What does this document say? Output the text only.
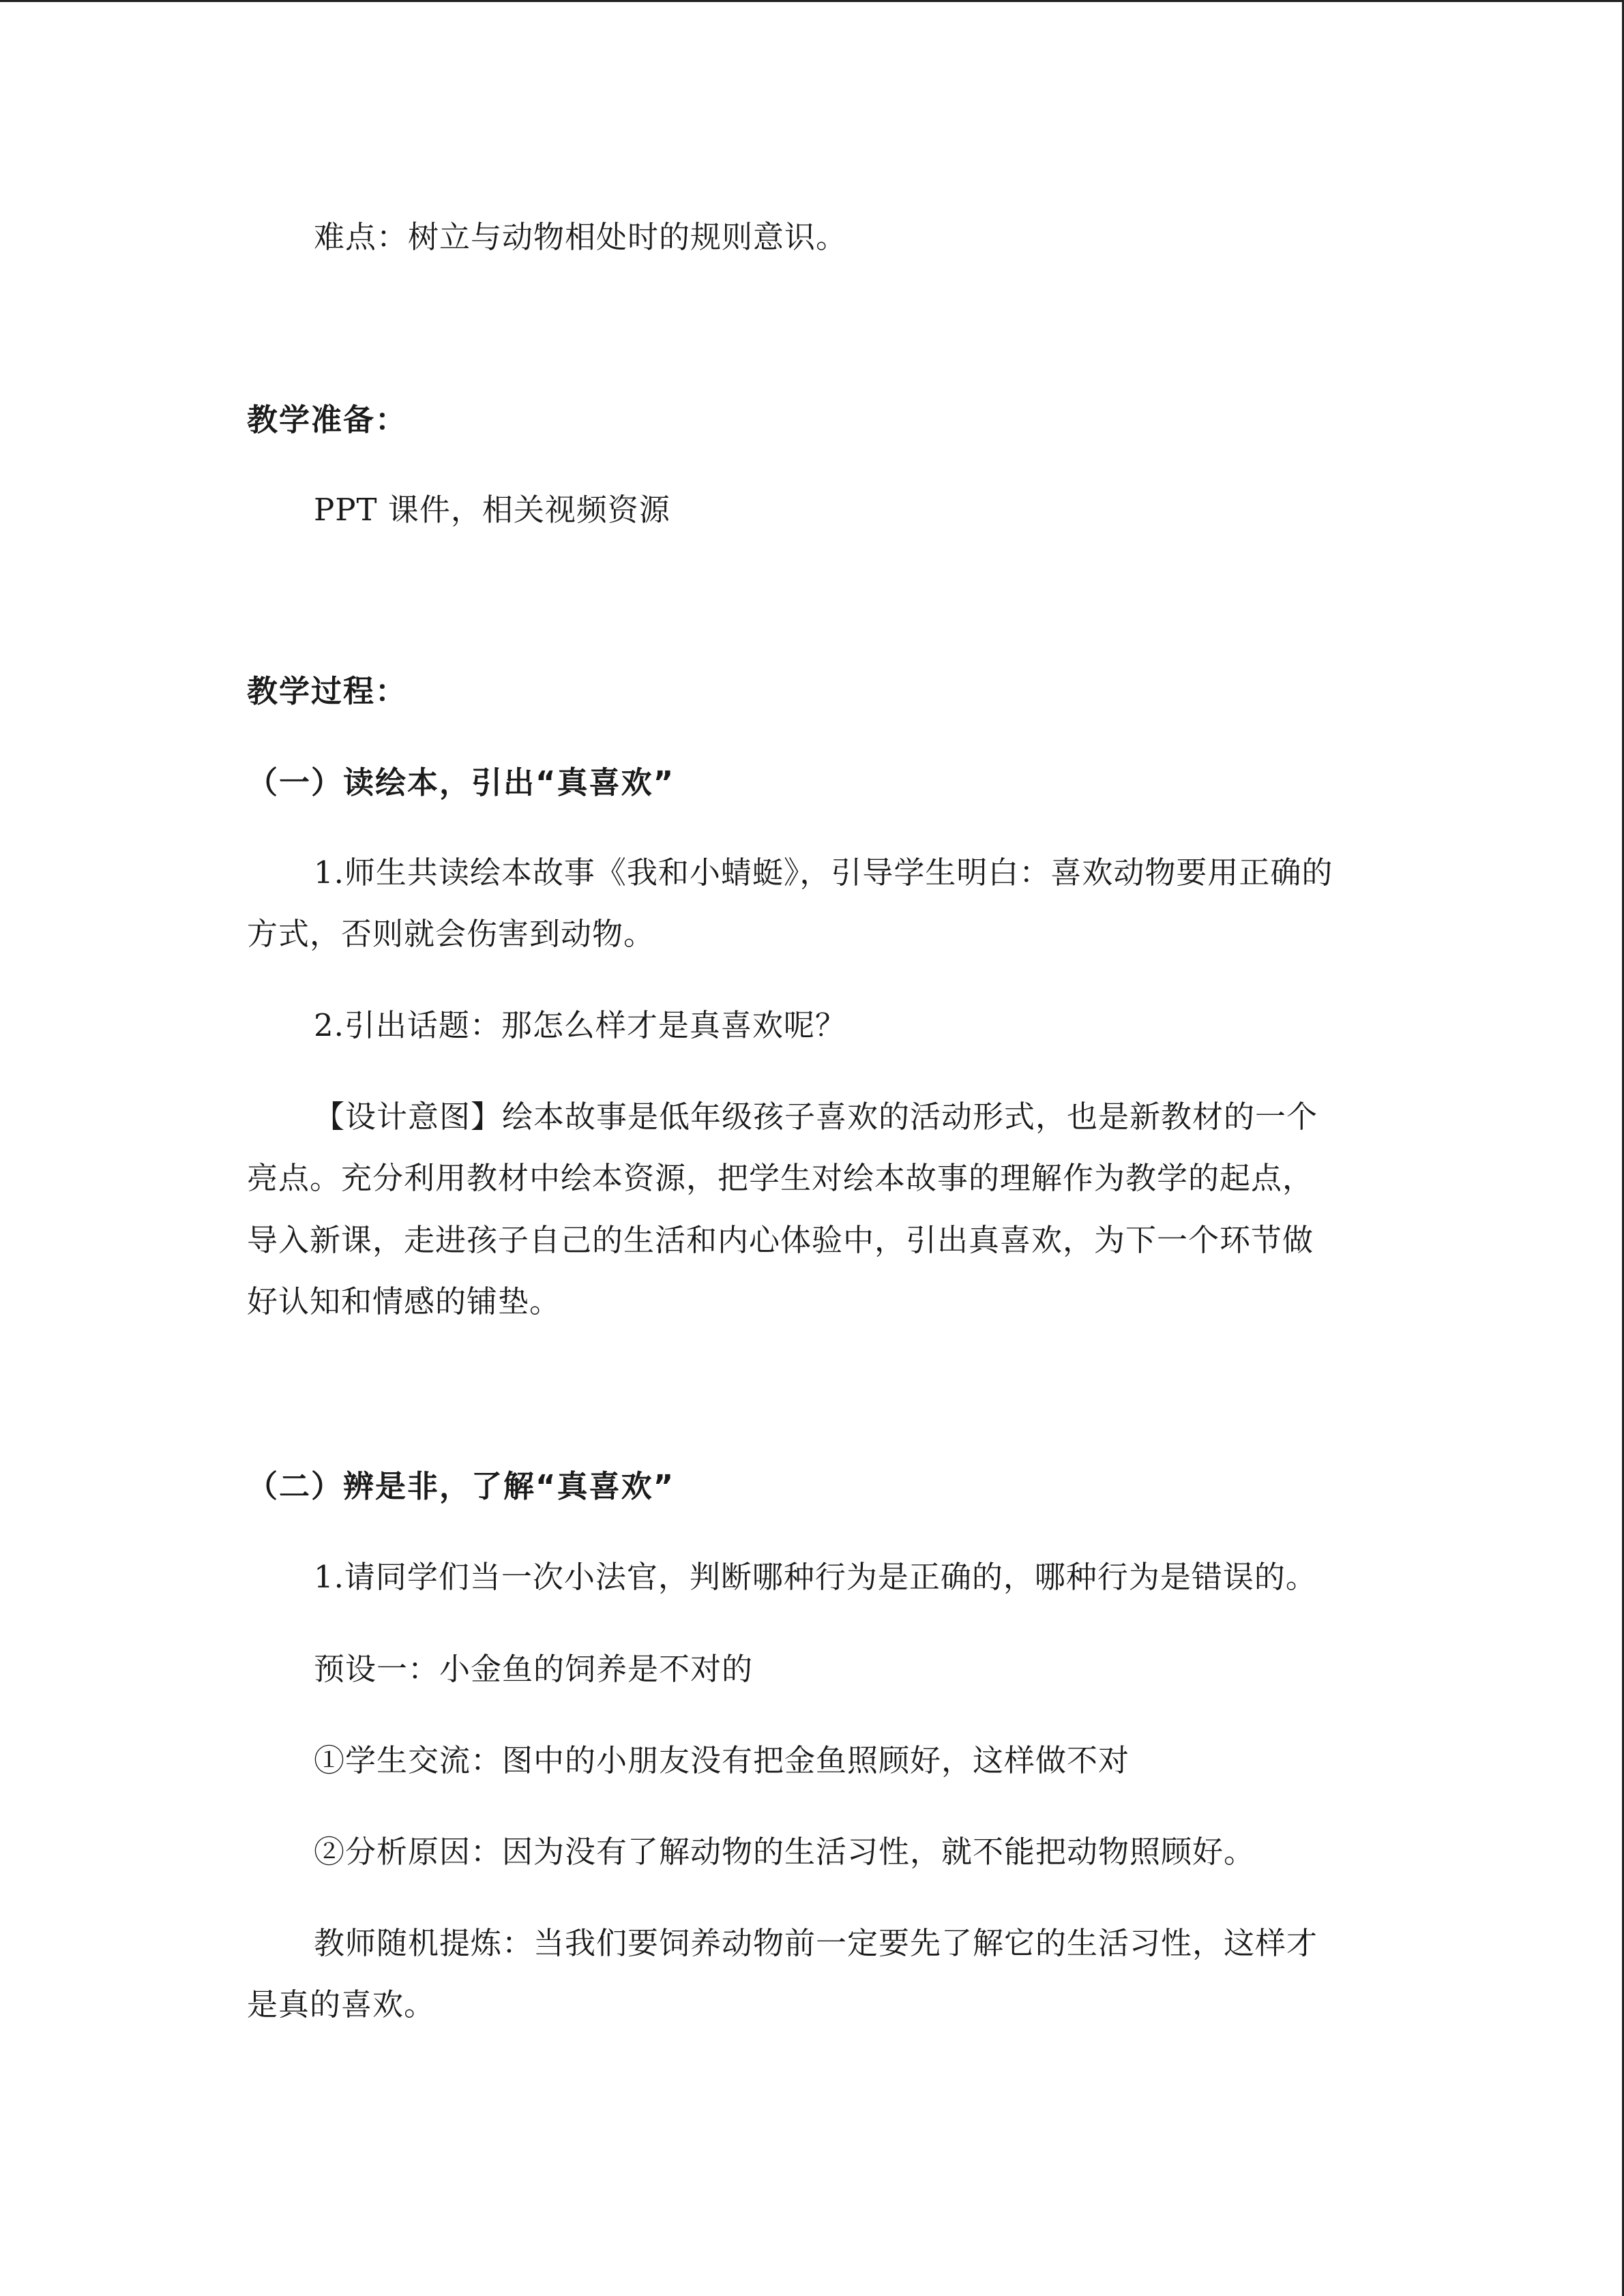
难点：树立与动物相处时的规则意识。
教学准备：
PPT 课件，相关视频资源
教学过程：
（一）读绘本，引出“真喜欢”
1.师生共读绘本故事《我和小蜻蜓》，引导学生明白：喜欢动物要用正确的
方式，否则就会伤害到动物。
2.引出话题：那怎么样才是真喜欢呢？
【设计意图】绘本故事是低年级孩子喜欢的活动形式，也是新教材的一个
亮点。充分利用教材中绘本资源，把学生对绘本故事的理解作为教学的起点，
导入新课，走进孩子自己的生活和内心体验中，引出真喜欢，为下一个环节做
好认知和情感的铺垫。
（二）辨是非，了解“真喜欢”
1.请同学们当一次小法官，判断哪种行为是正确的，哪种行为是错误的。
预设一：小金鱼的饲养是不对的
①学生交流：图中的小朋友没有把金鱼照顾好，这样做不对
②分析原因：因为没有了解动物的生活习性，就不能把动物照顾好。
教师随机提炼：当我们要饲养动物前一定要先了解它的生活习性，这样才
是真的喜欢。
